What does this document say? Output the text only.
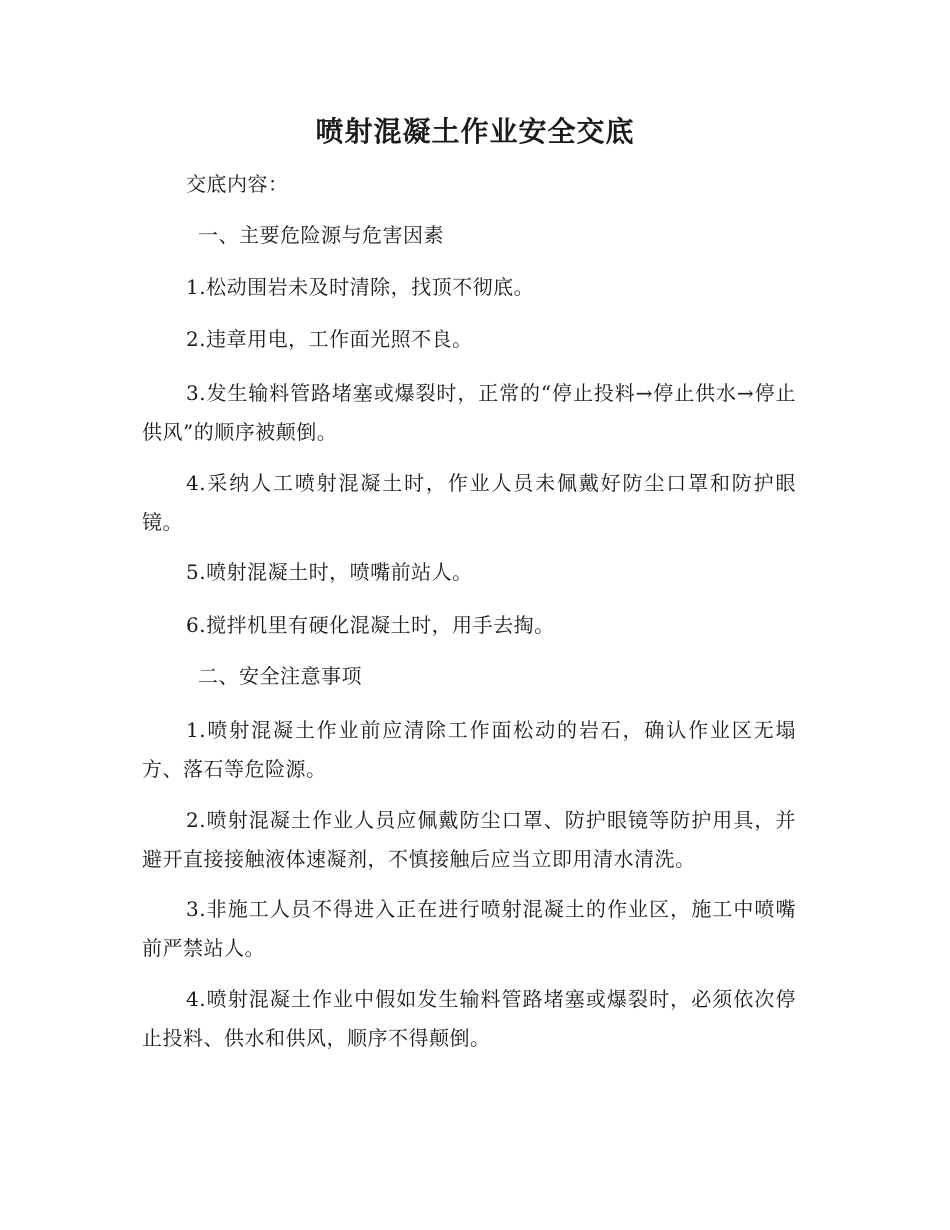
喷射混凝土作业安全交底
交底内容：
一、主要危险源与危害因素
1.松动围岩未及时清除，找顶不彻底。
2.违章用电，工作面光照不良。
3.发生输料管路堵塞或爆裂时，正常的“停止投料→停止供水→停止供风”的顺序被颠倒。
4.采纳人工喷射混凝土时，作业人员未佩戴好防尘口罩和防护眼镜。
5.喷射混凝土时，喷嘴前站人。
6.搅拌机里有硬化混凝土时，用手去掏。
二、安全注意事项
1.喷射混凝土作业前应清除工作面松动的岩石，确认作业区无塌方、落石等危险源。
2.喷射混凝土作业人员应佩戴防尘口罩、防护眼镜等防护用具，并避开直接接触液体速凝剂，不慎接触后应当立即用清水清洗。
3.非施工人员不得进入正在进行喷射混凝土的作业区，施工中喷嘴前严禁站人。
4.喷射混凝土作业中假如发生输料管路堵塞或爆裂时，必须依次停止投料、供水和供风，顺序不得颠倒。
